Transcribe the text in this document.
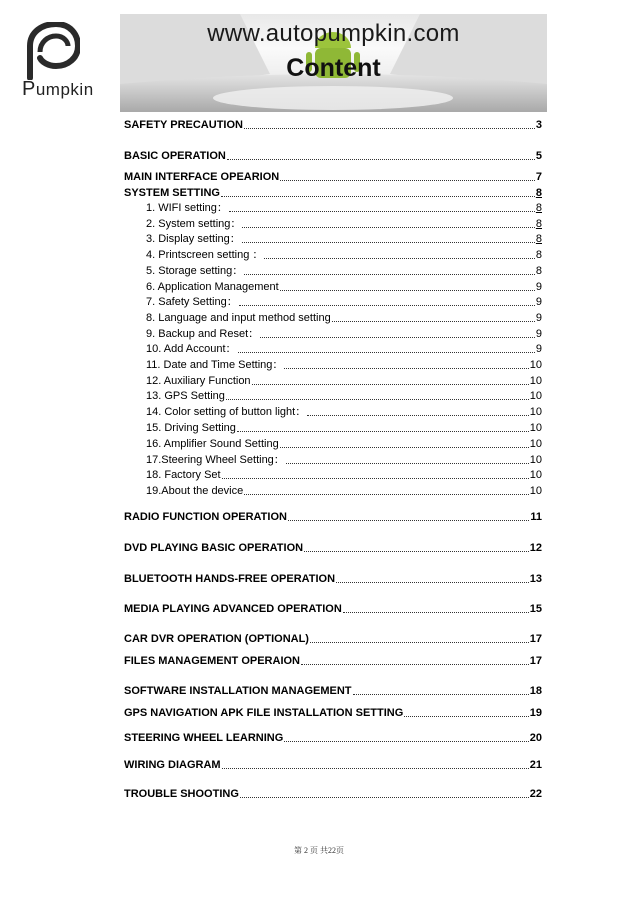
Pumpkin
www.autopumpkin.com
Content
SAFETY PRECAUTION	3
BASIC OPERATION	5
MAIN INTERFACE OPEARION	7
SYSTEM SETTING	8
1. WIFI setting：	8
2. System setting：	8
3. Display setting：	8
4. Printscreen setting ：	8
5. Storage setting：	8
6. Application Management	9
7. Safety Setting：	9
8. Language and input method setting	9
9. Backup and Reset：	9
10. Add Account：	9
11. Date and Time Setting：	10
12. Auxiliary Function	10
13. GPS Setting	10
14. Color setting of button light：	10
15. Driving Setting	10
16. Amplifier Sound Setting	10
17.Steering Wheel Setting：	10
18. Factory Set	10
19.About the device	10
RADIO FUNCTION OPERATION	11
DVD PLAYING BASIC OPERATION	12
BLUETOOTH HANDS-FREE OPERATION	13
MEDIA PLAYING ADVANCED OPERATION	15
CAR DVR OPERATION (OPTIONAL)	17
FILES MANAGEMENT OPERAION	17
SOFTWARE INSTALLATION MANAGEMENT	18
GPS NAVIGATION APK FILE INSTALLATION SETTING	19
STEERING WHEEL LEARNING	20
WIRING DIAGRAM	21
TROUBLE SHOOTING	22
第 2 页 共22页
